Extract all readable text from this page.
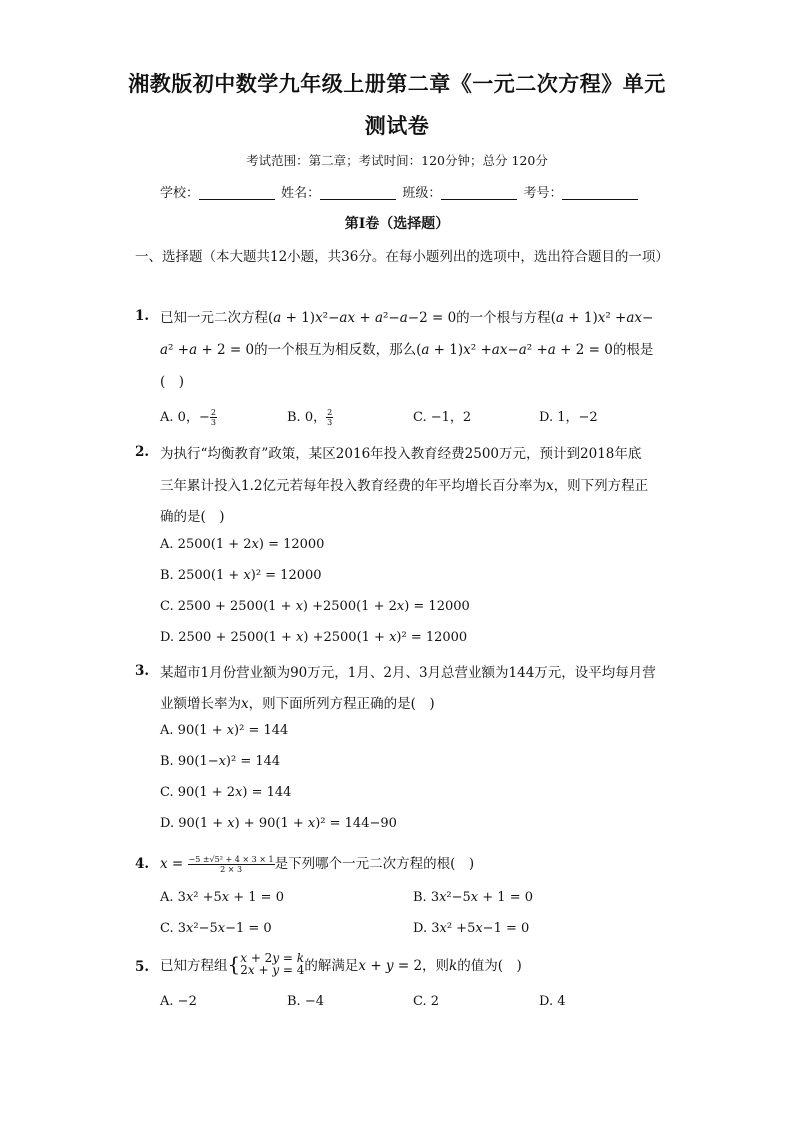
湘教版初中数学九年级上册第二章《一元二次方程》单元
测试卷
考试范围：第二章；考试时间：120分钟；总分 120分
学校：	姓名：	班级：	考号：
第I卷（选择题）
一、选择题（本大题共12小题，共36分。在每小题列出的选项中，选出符合题目的一项）
1. 已知一元二次方程(𝑎 + 1)𝑥²−𝑎𝑥 + 𝑎²−𝑎−2 = 0的一个根与方程(𝑎 + 1)𝑥² +𝑎𝑥−
𝑎² +𝑎 + 2 = 0的一个根互为相反数，那么(𝑎 + 1)𝑥² +𝑎𝑥−𝑎² +𝑎 + 2 = 0的根是
(　)
A. 0，− $\frac{2}{3}$	B. 0， $\frac{2}{3}$	C. −1，2	D. 1，−2
2. 为执行“均衡教育”政策，某区2016年投入教育经费2500万元，预计到2018年底
三年累计投入1.2亿元若每年投入教育经费的年平均增长百分率为𝑥，则下列方程正
确的是(　)
A. 2500(1 + 2𝑥) = 12000
B. 2500(1 + 𝑥)² = 12000
C. 2500 + 2500(1 + 𝑥) +2500(1 + 2𝑥) = 12000
D. 2500 + 2500(1 + 𝑥) +2500(1 + 𝑥)² = 12000
3. 某超市1月份营业额为90万元，1月、2月、3月总营业额为144万元，设平均每月营
业额增长率为𝑥，则下面所列方程正确的是(　)
A. 90(1 + 𝑥)² = 144
B. 90(1−𝑥)² = 144
C. 90(1 + 2𝑥) = 144
D. 90(1 + 𝑥) + 90(1 + 𝑥)² = 144−90
4. 𝑥 = $\frac{\text{−5 ±√5² + 4 × 3 × 1}}{2 \times 3}$ 是下列哪个一元二次方程的根(　)
A. 3𝑥² +5𝑥 + 1 = 0	B. 3𝑥²−5𝑥 + 1 = 0
C. 3𝑥²−5𝑥−1 = 0	D. 3𝑥² +5𝑥−1 = 0
5. 已知方程组{ 𝑥 + 2𝑦 = 𝑘
2𝑥 + 𝑦 = 4 的解满足𝑥 + 𝑦 = 2，则𝑘的值为(　)
A. −2	B. −4	C. 2	D. 4
